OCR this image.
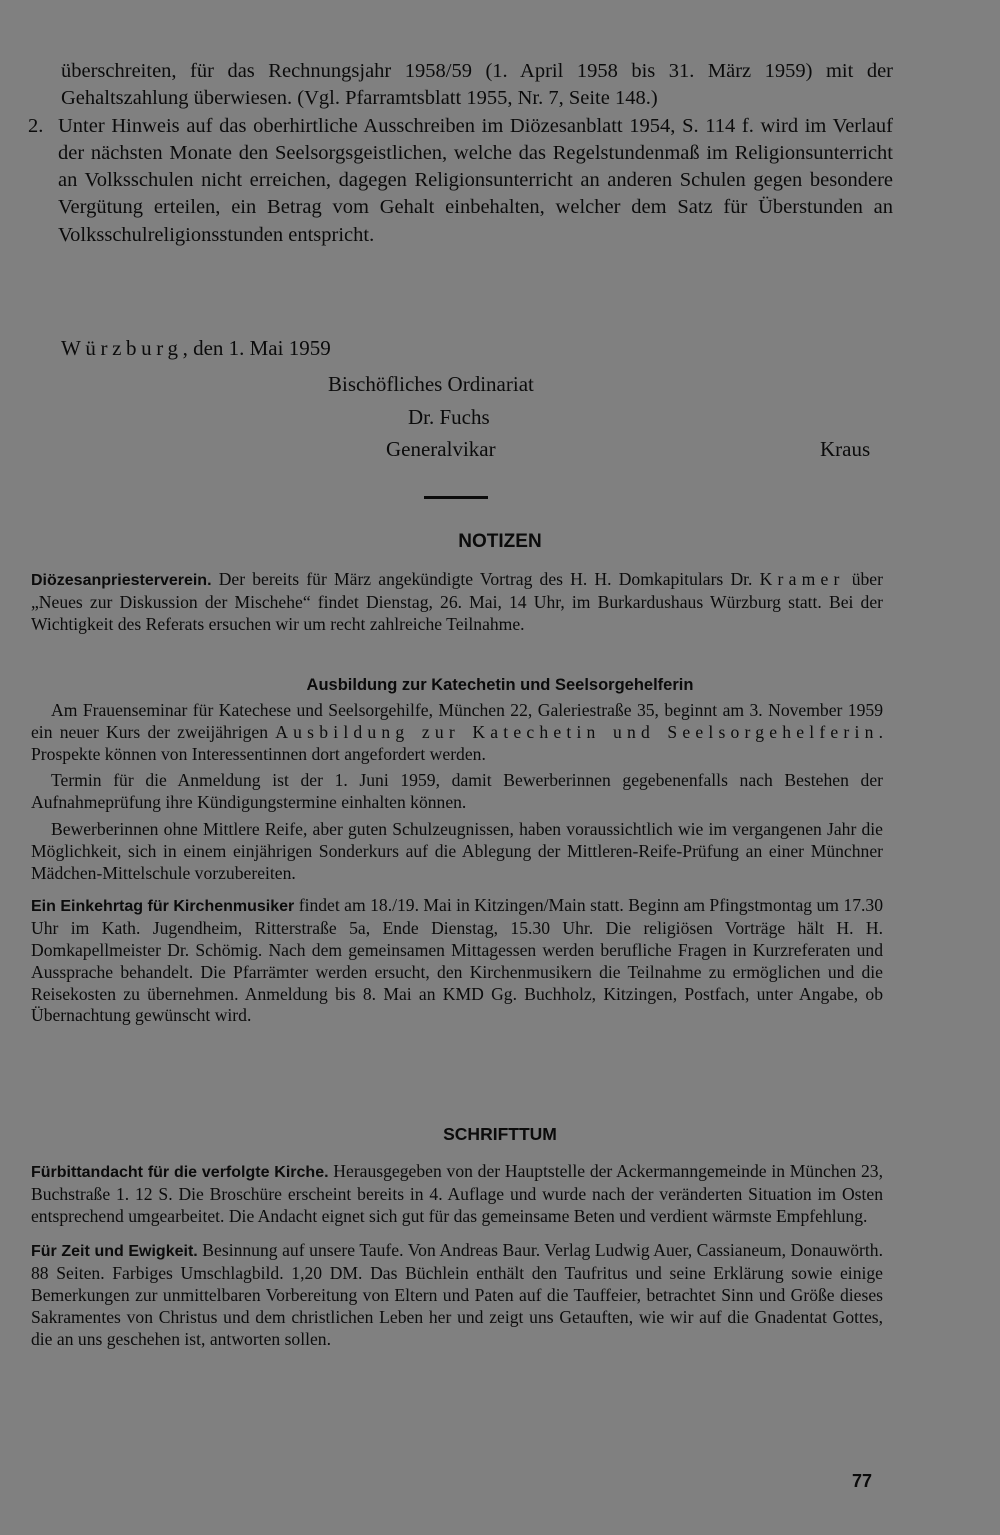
überschreiten, für das Rechnungsjahr 1958/59 (1. April 1958 bis 31. März 1959) mit der Gehaltszahlung überwiesen. (Vgl. Pfarramtsblatt 1955, Nr. 7, Seite 148.)

2. Unter Hinweis auf das oberhirtliche Ausschreiben im Diözesanblatt 1954, S. 114 f. wird im Verlauf der nächsten Monate den Seelsorgsgeistlichen, welche das Regelstundenmaß im Religionsunterricht an Volksschulen nicht erreichen, dagegen Religionsunterricht an anderen Schulen gegen besondere Vergütung erteilen, ein Betrag vom Gehalt einbehalten, welcher dem Satz für Überstunden an Volksschulreligionsstunden entspricht.
Würzburg, den 1. Mai 1959
Bischöfliches Ordinariat
Dr. Fuchs
Generalvikar	Kraus
NOTIZEN

Diözesanpriesterverein. Der bereits für März angekündigte Vortrag des H. H. Domkapitulars Dr. Kramer über „Neues zur Diskussion der Mischehe“ findet Dienstag, 26. Mai, 14 Uhr, im Burkardushaus Würzburg statt. Bei der Wichtigkeit des Referats ersuchen wir um recht zahlreiche Teilnahme.

Ausbildung zur Katechetin und Seelsorgehelferin

Am Frauenseminar für Katechese und Seelsorgehilfe, München 22, Galeriestraße 35, beginnt am 3. November 1959 ein neuer Kurs der zweijährigen Ausbildung zur Katechetin und Seelsorgehelferin. Prospekte können von Interessentinnen dort angefordert werden.

Termin für die Anmeldung ist der 1. Juni 1959, damit Bewerberinnen gegebenenfalls nach Bestehen der Aufnahmeprüfung ihre Kündigungstermine einhalten können.

Bewerberinnen ohne Mittlere Reife, aber guten Schulzeugnissen, haben voraussichtlich wie im vergangenen Jahr die Möglichkeit, sich in einem einjährigen Sonderkurs auf die Ablegung der Mittleren-Reife-Prüfung an einer Münchner Mädchen-Mittelschule vorzubereiten.

Ein Einkehrtag für Kirchenmusiker findet am 18./19. Mai in Kitzingen/Main statt. Beginn am Pfingstmontag um 17.30 Uhr im Kath. Jugendheim, Ritterstraße 5a, Ende Dienstag, 15.30 Uhr. Die religiösen Vorträge hält H. H. Domkapellmeister Dr. Schömig. Nach dem gemeinsamen Mittagessen werden berufliche Fragen in Kurzreferaten und Aussprache behandelt. Die Pfarrämter werden ersucht, den Kirchenmusikern die Teilnahme zu ermöglichen und die Reisekosten zu übernehmen. Anmeldung bis 8. Mai an KMD Gg. Buchholz, Kitzingen, Postfach, unter Angabe, ob Übernachtung gewünscht wird.

SCHRIFTTUM

Fürbittandacht für die verfolgte Kirche. Herausgegeben von der Hauptstelle der Ackermanngemeinde in München 23, Buchstraße 1. 12 S. Die Broschüre erscheint bereits in 4. Auflage und wurde nach der veränderten Situation im Osten entsprechend umgearbeitet. Die Andacht eignet sich gut für das gemeinsame Beten und verdient wärmste Empfehlung.

Für Zeit und Ewigkeit. Besinnung auf unsere Taufe. Von Andreas Baur. Verlag Ludwig Auer, Cassianeum, Donauwörth. 88 Seiten. Farbiges Umschlagbild. 1,20 DM. Das Büchlein enthält den Taufritus und seine Erklärung sowie einige Bemerkungen zur unmittelbaren Vorbereitung von Eltern und Paten auf die Tauffeier, betrachtet Sinn und Größe dieses Sakramentes von Christus und dem christlichen Leben her und zeigt uns Getauften, wie wir auf die Gnadentat Gottes, die an uns geschehen ist, antworten sollen.

77
